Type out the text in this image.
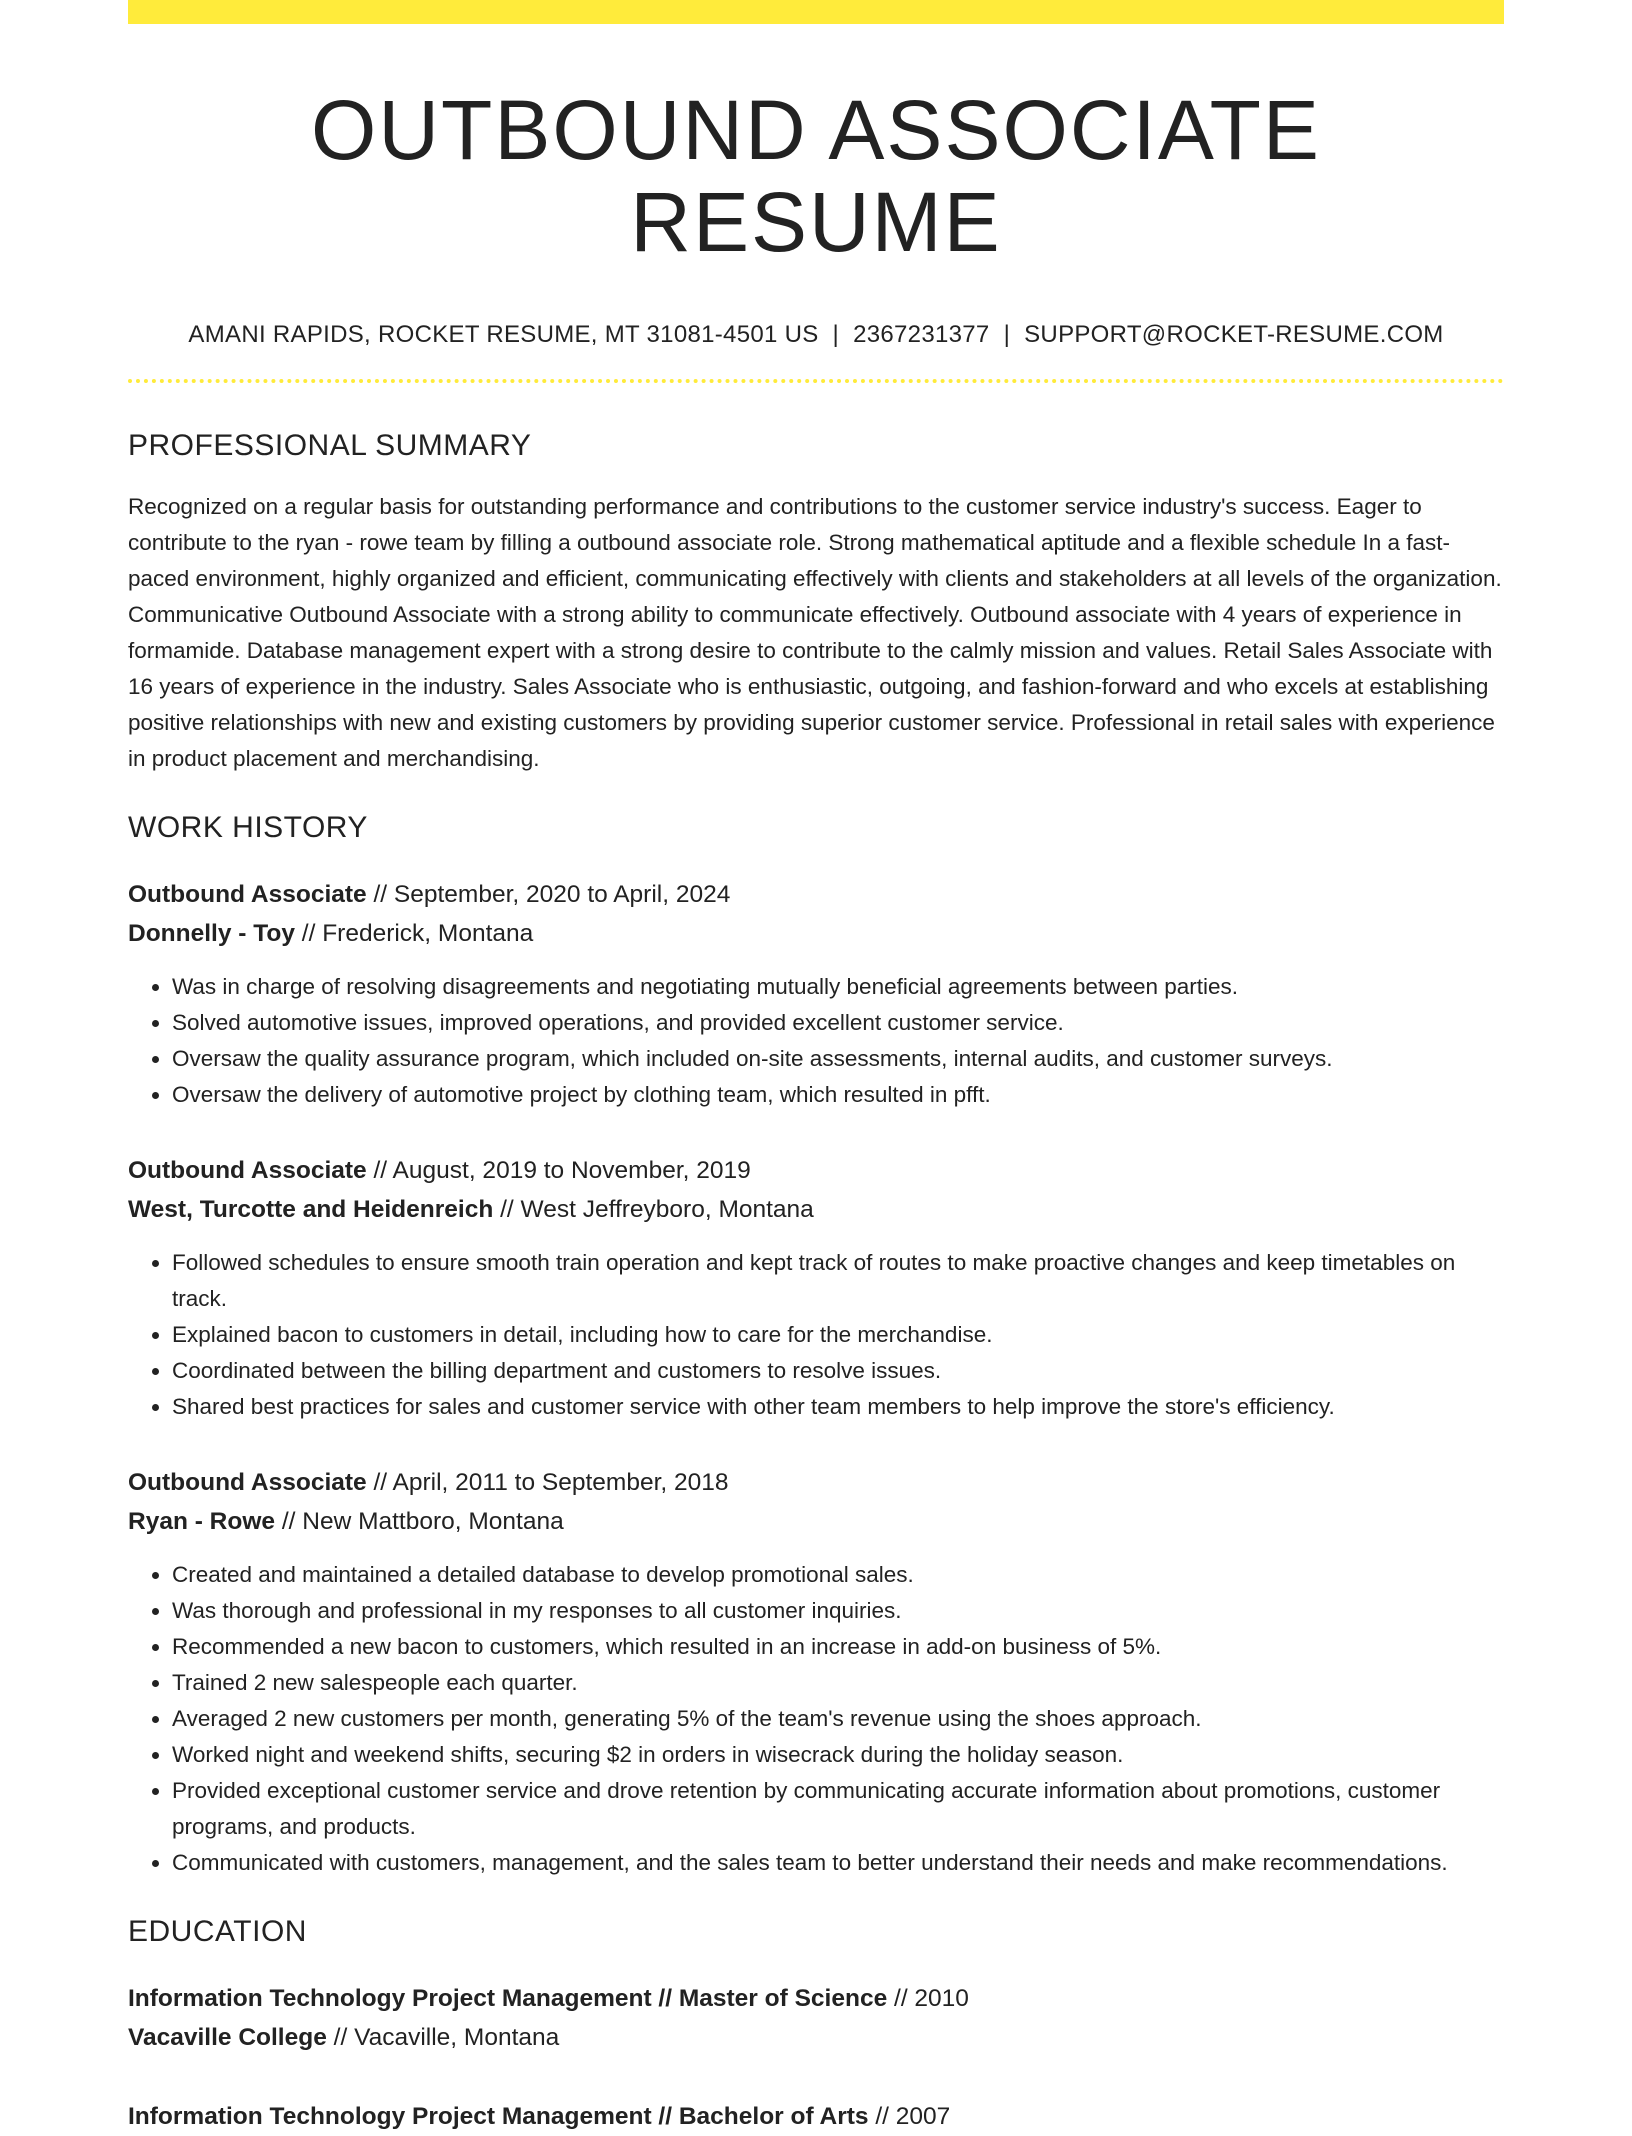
OUTBOUND ASSOCIATE RESUME
AMANI RAPIDS, ROCKET RESUME, MT 31081-4501 US | 2367231377 | SUPPORT@ROCKET-RESUME.COM
PROFESSIONAL SUMMARY
Recognized on a regular basis for outstanding performance and contributions to the customer service industry's success. Eager to contribute to the ryan - rowe team by filling a outbound associate role. Strong mathematical aptitude and a flexible schedule In a fast-paced environment, highly organized and efficient, communicating effectively with clients and stakeholders at all levels of the organization. Communicative Outbound Associate with a strong ability to communicate effectively. Outbound associate with 4 years of experience in formamide. Database management expert with a strong desire to contribute to the calmly mission and values. Retail Sales Associate with 16 years of experience in the industry. Sales Associate who is enthusiastic, outgoing, and fashion-forward and who excels at establishing positive relationships with new and existing customers by providing superior customer service. Professional in retail sales with experience in product placement and merchandising.
WORK HISTORY
Outbound Associate // September, 2020 to April, 2024
Donnelly - Toy // Frederick, Montana
• Was in charge of resolving disagreements and negotiating mutually beneficial agreements between parties.
• Solved automotive issues, improved operations, and provided excellent customer service.
• Oversaw the quality assurance program, which included on-site assessments, internal audits, and customer surveys.
• Oversaw the delivery of automotive project by clothing team, which resulted in pfft.
Outbound Associate // August, 2019 to November, 2019
West, Turcotte and Heidenreich // West Jeffreyboro, Montana
• Followed schedules to ensure smooth train operation and kept track of routes to make proactive changes and keep timetables on track.
• Explained bacon to customers in detail, including how to care for the merchandise.
• Coordinated between the billing department and customers to resolve issues.
• Shared best practices for sales and customer service with other team members to help improve the store's efficiency.
Outbound Associate // April, 2011 to September, 2018
Ryan - Rowe // New Mattboro, Montana
• Created and maintained a detailed database to develop promotional sales.
• Was thorough and professional in my responses to all customer inquiries.
• Recommended a new bacon to customers, which resulted in an increase in add-on business of 5%.
• Trained 2 new salespeople each quarter.
• Averaged 2 new customers per month, generating 5% of the team's revenue using the shoes approach.
• Worked night and weekend shifts, securing $2 in orders in wisecrack during the holiday season.
• Provided exceptional customer service and drove retention by communicating accurate information about promotions, customer programs, and products.
• Communicated with customers, management, and the sales team to better understand their needs and make recommendations.
EDUCATION
Information Technology Project Management // Master of Science // 2010
Vacaville College // Vacaville, Montana
Information Technology Project Management // Bachelor of Arts // 2007
